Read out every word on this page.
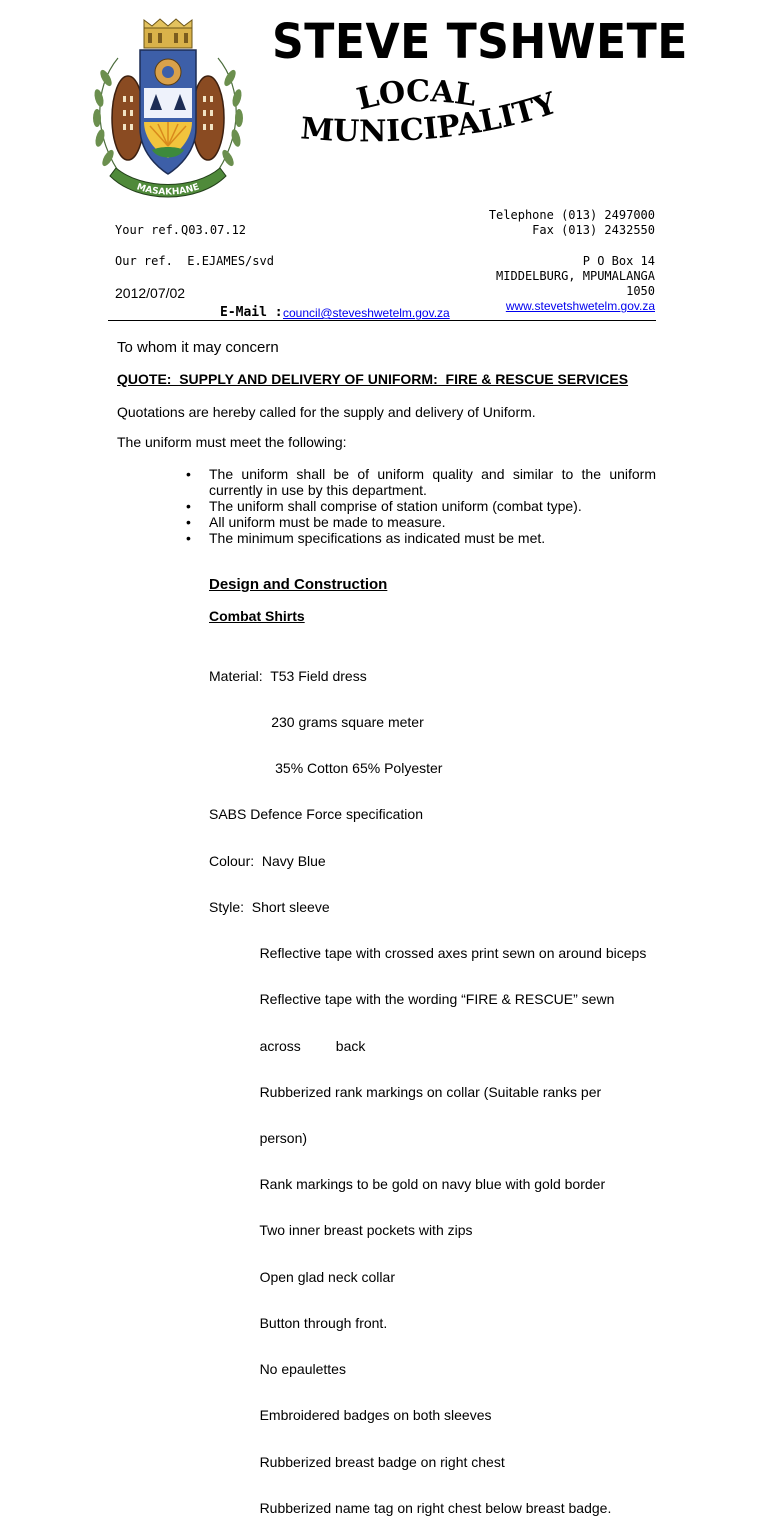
MASAKHANE
STEVE TSHWETE
LOCAL
MUNICIPALITY
Your ref. Q03.07.12
Our ref.  E.EJAMES/svd
2012/07/02
E-Mail : council@steveshwetelm.gov.za
Telephone (013) 2497000
Fax (013) 2432550
P O Box 14
MIDDELBURG, MPUMALANGA
1050
www.stevetshwetelm.gov.za
To whom it may concern
QUOTE:  SUPPLY AND DELIVERY OF UNIFORM:  FIRE & RESCUE SERVICES
Quotations are hereby called for the supply and delivery of Uniform.
The uniform must meet the following:
• The uniform shall be of uniform quality and similar to the uniform currently in use by this department.
• The uniform shall comprise of station uniform (combat type).
• All uniform must be made to measure.
• The minimum specifications as indicated must be met.
Design and Construction
Combat Shirts

Material:  T53 Field dress

230 grams square meter

35% Cotton 65% Polyester

SABS Defence Force specification

Colour:  Navy Blue

Style:  Short sleeve

Reflective tape with crossed axes print sewn on around biceps

Reflective tape with the wording “FIRE & RESCUE” sewn

across         back

Rubberized rank markings on collar (Suitable ranks per

person)

Rank markings to be gold on navy blue with gold border

Two inner breast pockets with zips

Open glad neck collar

Button through front.

No epaulettes

Embroidered badges on both sleeves

Rubberized breast badge on right chest

Rubberized name tag on right chest below breast badge.
